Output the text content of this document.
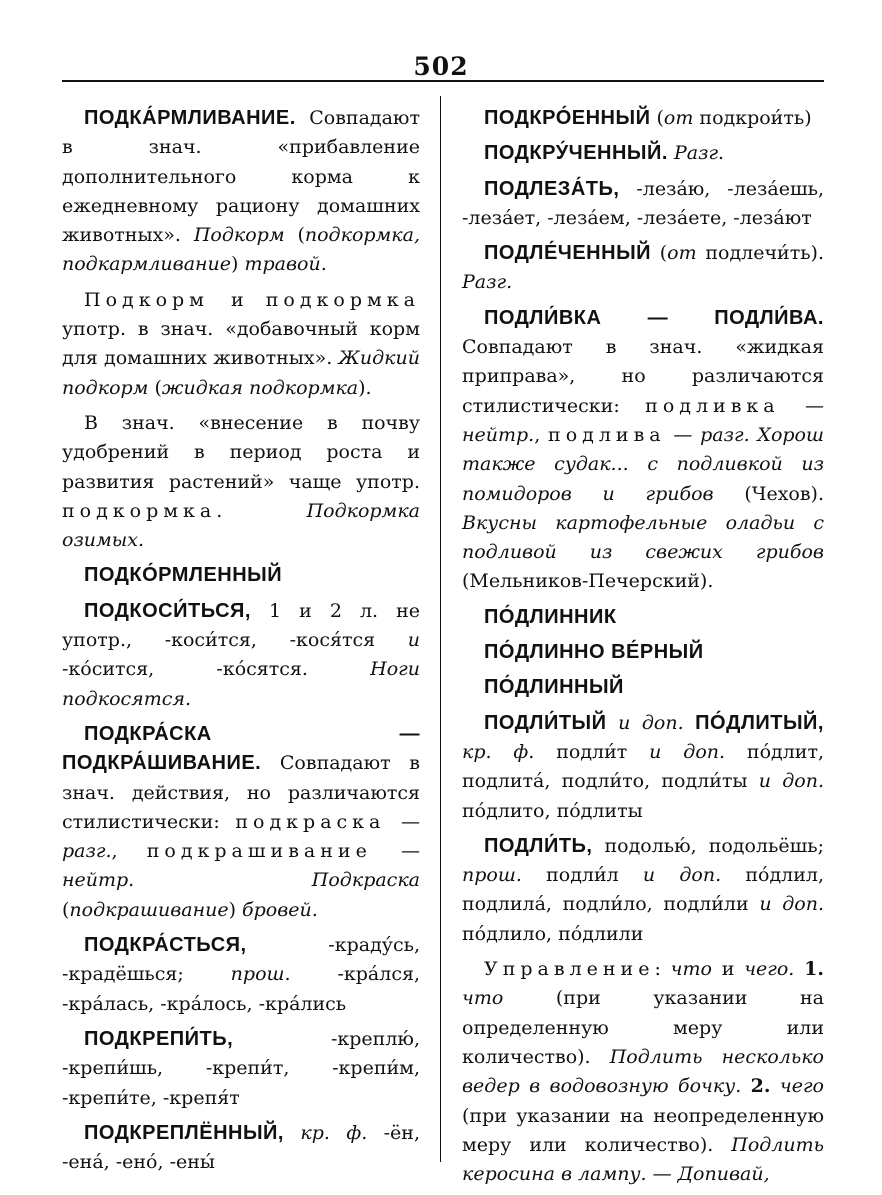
502

ПОДКА́РМЛИВАНИЕ. Совпадают в знач. «прибавление дополнительного корма к ежедневному рациону домашних животных». Подкорм (подкормка, подкармливание) травой.

Подкорм и подкормка употр. в знач. «добавочный корм для домашних животных». Жидкий подкорм (жидкая подкормка).

В знач. «внесение в почву удобрений в период роста и развития растений» чаще употр. подкормка. Подкормка озимых.

ПОДКО́РМЛЕННЫЙ

ПОДКОСИ́ТЬСЯ, 1 и 2 л. не употр., -коси́тся, -кося́тся и -ко́сится, -ко́сятся. Ноги подкосятся.

ПОДКРА́СКА — ПОДКРА́ШИВАНИЕ. Совпадают в знач. действия, но различаются стилистически: подкраска — разг., подкрашивание — нейтр.	Подкраска (подкрашивание) бровей.

ПОДКРА́СТЬСЯ, -краду́сь, -крадёшься; прош. -кра́лся, -кра́лась, -кра́лось, -кра́лись

ПОДКРЕПИ́ТЬ, -креплю́, -крепи́шь, -крепи́т, -крепи́м, -крепи́те, -крепя́т

ПОДКРЕПЛЁННЫЙ, кр. ф. -ён, -ена́, -ено́, -ены́

ПОДКРО́ЕННЫЙ (от подкрои́ть)

ПОДКРУ́ЧЕННЫЙ. Разг.

ПОДЛЕЗА́ТЬ, -леза́ю, -леза́ешь, -леза́ет, -леза́ем, -леза́ете, -леза́ют

ПОДЛЕ́ЧЕННЫЙ (от подлечи́ть). Разг.

ПОДЛИ́ВКА — ПОДЛИ́ВА. Совпадают в знач. «жидкая приправа», но различаются стилистически: подливка — нейтр., подлива — разг. Хорош также судак... с подливкой из помидоров и грибов (Чехов). Вкусны картофельные оладьи с подливой из свежих грибов (Мельников-Печерский).

ПО́ДЛИННИК

ПО́ДЛИННО ВЕ́РНЫЙ

ПО́ДЛИННЫЙ

ПОДЛИ́ТЫЙ и доп. ПО́ДЛИТЫЙ, кр. ф. подли́т и доп. по́длит, подлита́, подли́то, подли́ты и доп. по́длито, по́длиты

ПОДЛИ́ТЬ, подолью́, подольёшь; прош. подли́л и доп. по́длил, подлила́, подли́ло, подли́ли и доп. по́длило, по́длили

Управление: что и чего. 1. что (при указании на определенную меру или количество). Подлить несколько ведер в водовозную бочку. 2. чего (при указании на неопределенную меру или количество). Подлить керосина в лампу. — Допивай,
